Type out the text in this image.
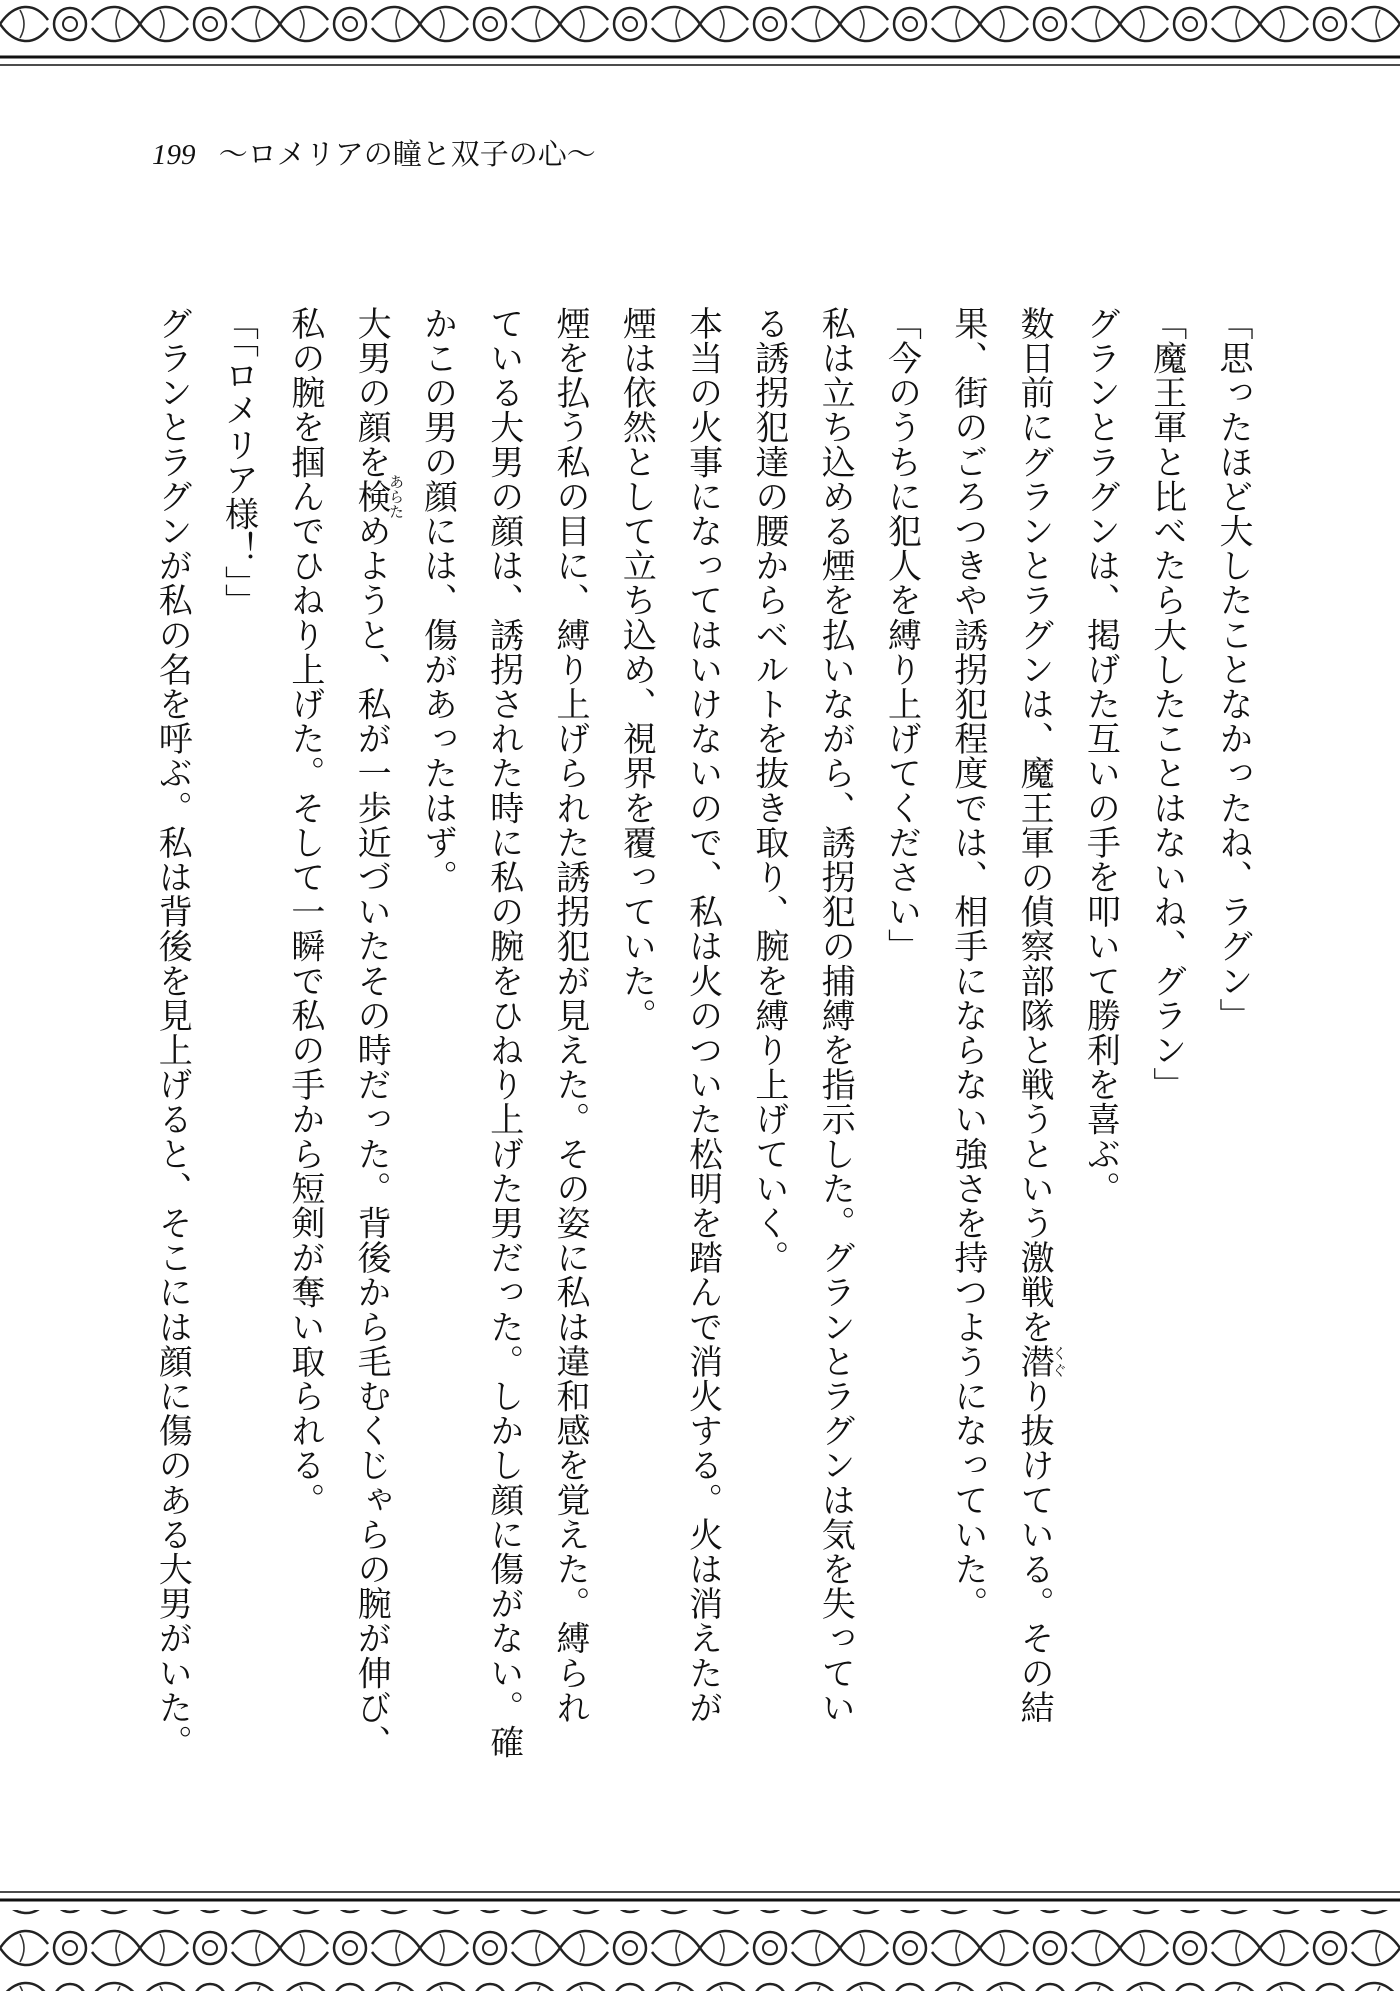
199 〜ロメリアの瞳と双子の心〜
「思ったほど大したことなかったね、ラグン」
「魔王軍と比べたら大したことはないね、グラン」
グランとラグンは、掲げた互いの手を叩いて勝利を喜ぶ。
数日前にグランとラグンは、魔王軍の偵察部隊と戦うという激戦を潜くぐり抜けている。その結
果、街のごろつきや誘拐犯程度では、相手にならない強さを持つようになっていた。
「今のうちに犯人を縛り上げてください」
私は立ち込める煙を払いながら、誘拐犯の捕縛を指示した。グランとラグンは気を失ってい
る誘拐犯達の腰からベルトを抜き取り、腕を縛り上げていく。
本当の火事になってはいけないので、私は火のついた松明を踏んで消火する。火は消えたが
煙は依然として立ち込め、視界を覆っていた。
煙を払う私の目に、縛り上げられた誘拐犯が見えた。その姿に私は違和感を覚えた。縛られ
ている大男の顔は、誘拐された時に私の腕をひねり上げた男だった。しかし顔に傷がない。確
かこの男の顔には、傷があったはず。
大男の顔を検あらためようと、私が一歩近づいたその時だった。背後から毛むくじゃらの腕が伸び、
私の腕を掴んでひねり上げた。そして一瞬で私の手から短剣が奪い取られる。
「「ロメリア様！」」
グランとラグンが私の名を呼ぶ。私は背後を見上げると、そこには顔に傷のある大男がいた。
